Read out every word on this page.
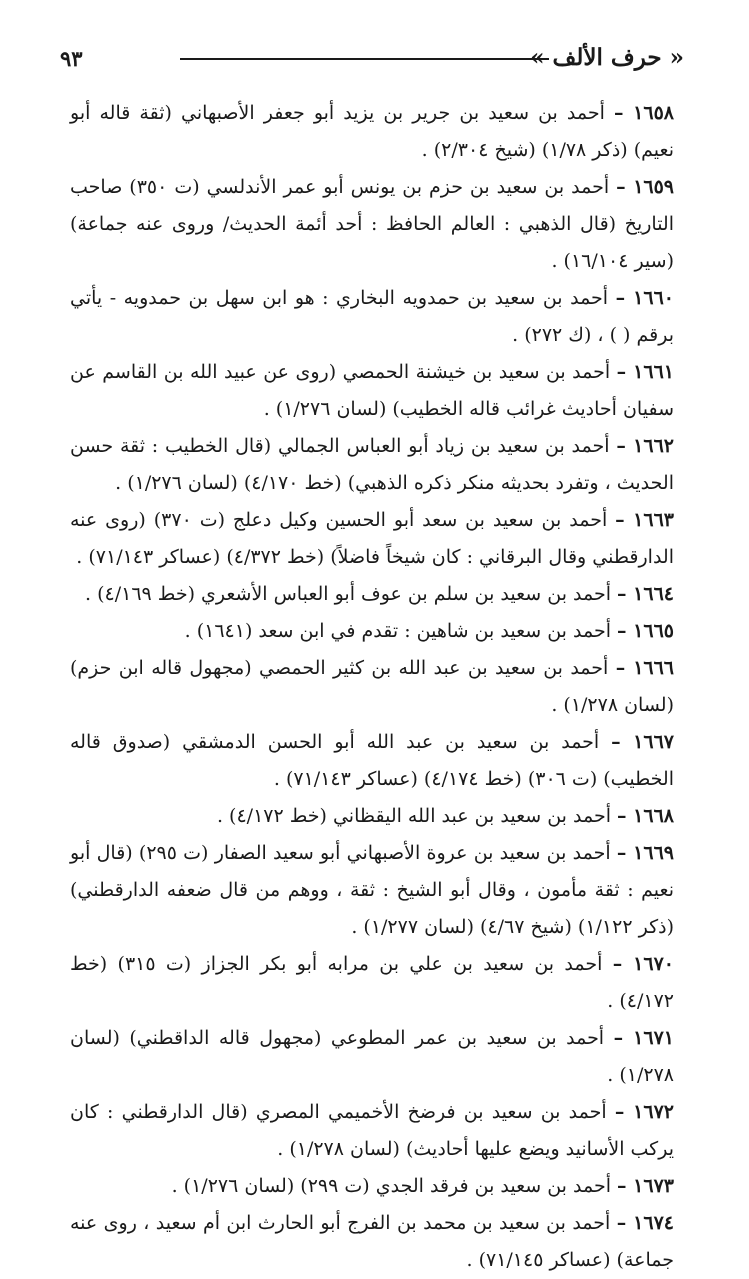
« حرف الألف »
٩٣
١٦٥٨ – أحمد بن سعيد بن جرير بن يزيد أبو جعفر الأصبهاني (ثقة قاله أبو نعيم) (ذكر ١/٧٨) (شيخ ٢/٣٠٤) .
١٦٥٩ – أحمد بن سعيد بن حزم بن يونس أبو عمر الأندلسي (ت ٣٥٠) صاحب التاريخ (قال الذهبي : العالم الحافظ : أحد أئمة الحديث/ وروى عنه جماعة) (سير ١٦/١٠٤) .
١٦٦٠ – أحمد بن سعيد بن حمدويه البخاري : هو ابن سهل بن حمدويه - يأتي برقم ( ) ، (ك ٢٧٢) .
١٦٦١ – أحمد بن سعيد بن خيشنة الحمصي (روى عن عبيد الله بن القاسم عن سفيان أحاديث غرائب قاله الخطيب) (لسان ١/٢٧٦) .
١٦٦٢ – أحمد بن سعيد بن زياد أبو العباس الجمالي (قال الخطيب : ثقة حسن الحديث ، وتفرد بحديثه منكر ذكره الذهبي) (خط ٤/١٧٠) (لسان ١/٢٧٦) .
١٦٦٣ – أحمد بن سعيد بن سعد أبو الحسين وكيل دعلج (ت ٣٧٠) (روى عنه الدارقطني وقال البرقاني : كان شيخاً فاضلاً) (خط ٤/٣٧٢) (عساكر ٧١/١٤٣) .
١٦٦٤ – أحمد بن سعيد بن سلم بن عوف أبو العباس الأشعري (خط ٤/١٦٩) .
١٦٦٥ – أحمد بن سعيد بن شاهين : تقدم في ابن سعد (١٦٤١) .
١٦٦٦ – أحمد بن سعيد بن عبد الله بن كثير الحمصي (مجهول قاله ابن حزم) (لسان ١/٢٧٨) .
١٦٦٧ – أحمد بن سعيد بن عبد الله أبو الحسن الدمشقي (صدوق قاله الخطيب) (ت ٣٠٦) (خط ٤/١٧٤) (عساكر ٧١/١٤٣) .
١٦٦٨ – أحمد بن سعيد بن عبد الله اليقظاني (خط ٤/١٧٢) .
١٦٦٩ – أحمد بن سعيد بن عروة الأصبهاني أبو سعيد الصفار (ت ٢٩٥) (قال أبو نعيم : ثقة مأمون ، وقال أبو الشيخ : ثقة ، ووهم من قال ضعفه الدارقطني) (ذكر ١/١٢٢) (شيخ ٤/٦٧) (لسان ١/٢٧٧) .
١٦٧٠ – أحمد بن سعيد بن علي بن مرابه أبو بكر الجزاز (ت ٣١٥) (خط ٤/١٧٢) .
١٦٧١ – أحمد بن سعيد بن عمر المطوعي (مجهول قاله الداقطني) (لسان ١/٢٧٨) .
١٦٧٢ – أحمد بن سعيد بن فرضخ الأخميمي المصري (قال الدارقطني : كان يركب الأسانيد ويضع عليها أحاديث) (لسان ١/٢٧٨) .
١٦٧٣ – أحمد بن سعيد بن فرقد الجدي (ت ٢٩٩) (لسان ١/٢٧٦) .
١٦٧٤ – أحمد بن سعيد بن محمد بن الفرج أبو الحارث ابن أم سعيد ، روى عنه جماعة) (عساكر ٧١/١٤٥) .
